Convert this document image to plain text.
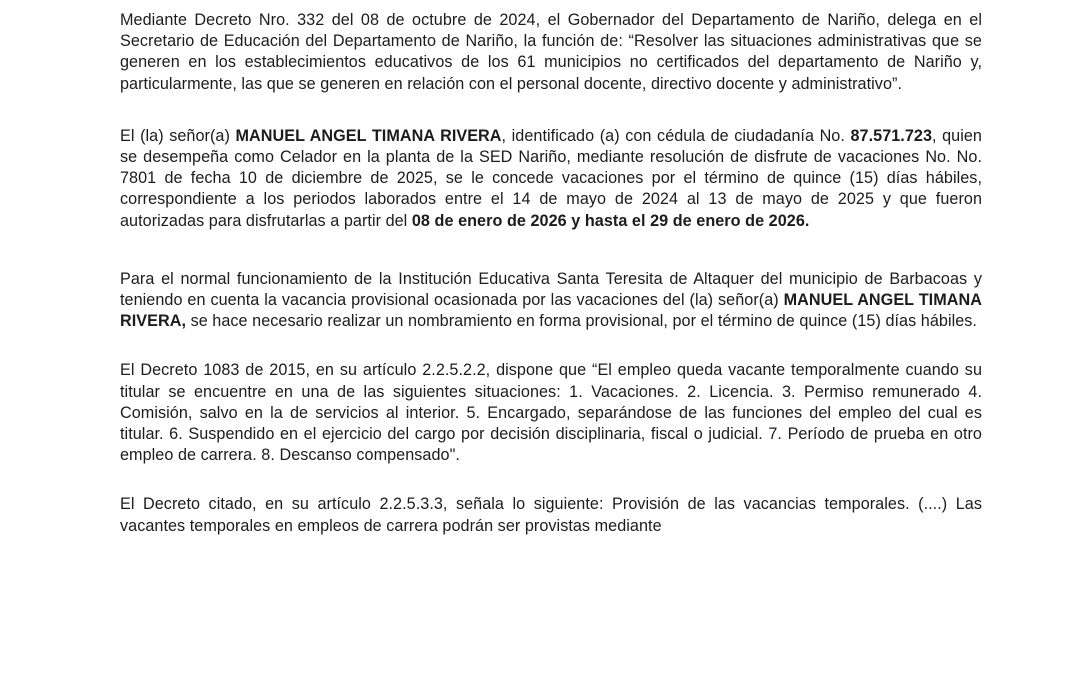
Mediante Decreto Nro. 332 del 08 de octubre de 2024, el Gobernador del Departamento de Nariño, delega en el Secretario de Educación del Departamento de Nariño, la función de: “Resolver las situaciones administrativas que se generen en los establecimientos educativos de los 61 municipios no certificados del departamento de Nariño y, particularmente, las que se generen en relación con el personal docente, directivo docente y administrativo”.

El (la) señor(a) MANUEL ANGEL TIMANA RIVERA, identificado (a) con cédula de ciudadanía No. 87.571.723, quien se desempeña como Celador en la planta de la SED Nariño, mediante resolución de disfrute de vacaciones No. No. 7801 de fecha 10 de diciembre de 2025, se le concede vacaciones por el término de quince (15) días hábiles, correspondiente a los periodos laborados entre el 14 de mayo de 2024 al 13 de mayo de 2025 y que fueron autorizadas para disfrutarlas a partir del 08 de enero de 2026 y hasta el 29 de enero de 2026.

Para el normal funcionamiento de la Institución Educativa Santa Teresita de Altaquer del municipio de Barbacoas y teniendo en cuenta la vacancia provisional ocasionada por las vacaciones del (la) señor(a) MANUEL ANGEL TIMANA RIVERA, se hace necesario realizar un nombramiento en forma provisional, por el término de quince (15) días hábiles.

El Decreto 1083 de 2015, en su artículo 2.2.5.2.2, dispone que “El empleo queda vacante temporalmente cuando su titular se encuentre en una de las siguientes situaciones: 1. Vacaciones. 2. Licencia. 3. Permiso remunerado 4. Comisión, salvo en la de servicios al interior. 5. Encargado, separándose de las funciones del empleo del cual es titular. 6. Suspendido en el ejercicio del cargo por decisión disciplinaria, fiscal o judicial. 7. Período de prueba en otro empleo de carrera. 8. Descanso compensado".

El Decreto citado, en su artículo 2.2.5.3.3, señala lo siguiente: Provisión de las vacancias temporales. (....) Las vacantes temporales en empleos de carrera podrán ser provistas mediante
